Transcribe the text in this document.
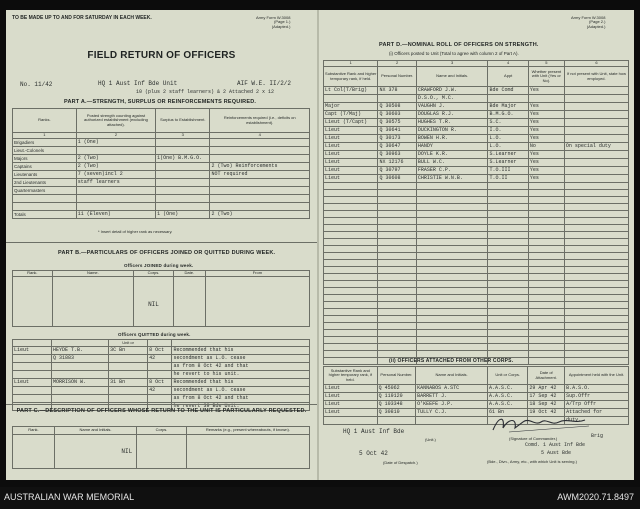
TO BE MADE UP TO AND FOR SATURDAY IN EACH WEEK.	Army Form W.3008
(Page 1.)
(Adapted.)
FIELD RETURN OF OFFICERS
No. 11/42	HQ 1 Aust Inf Bde Unit	AIF W.E. II/2/2
10 (plus 2 staff learners) & 2 Attached 2 x 12
PART A.—STRENGTH, SURPLUS OR REINFORCEMENTS REQUIRED.
Ranks.	Posted strength counting against authorized establishment (excluding attached).	Surplus to Establishment.	Reinforcements required (i.e., deficits on establishment).
1	2	3	4
Brigadiers	1 (One)		
Lieut.-Colonels			
Majors	2 (Two)	1(One) B.M.G.O.	
Captains	2 (Two)		2 (Two) Reinforcements
Lieutenants	7 (seven)incl 2		NOT required
2nd Lieutenants	staff learners		
Quartermasters			

Totals	11 (Eleven)	1 (One)	2 (Two)
* Insert detail of higher rank as necessary.
PART B.—PARTICULARS OF OFFICERS JOINED OR QUITTED DURING WEEK.
Officers JOINED during week.
Rank.	Name.	Corps.	Date.	From
		NIL		
Officers QUITTED during week.
		Unit or		
Lieut	HEYDE T.B.	3C Bn	8 Oct	Recommended that his
	Q 31883		42	secondment as L.O. cease
				as from 8 Oct 42 and that
				he revert to his unit.
Lieut	MORRISON W.	31 Bn	8 Oct	Recommended that his
			42	secondment as L.O. cease
				as from 8 Oct 42 and that
				he revert 39 Bde Unit.
PART C.—DESCRIPTION OF OFFICERS WHOSE RETURN TO THE UNIT IS PARTICULARLY REQUESTED.
Rank.	Name and Initials.	Corps.	Remarks (e.g., present whereabouts, if known).
	NIL		
Army Form W.3008
(Page 2.)
(Adapted.)
PART D.—NOMINAL ROLL OF OFFICERS ON STRENGTH.
(i) Officers posted to Unit (Total to agree with column 2 of Part A).
1	2	3	4	5	6
Substantive Rank and higher temporary rank, if held.	Personal Number.	Name and Initials.	Appt	Whether present with Unit (Yes or No).	If not present with Unit, state how employed.
Lt Col(T/Brig)	NX 378	CRAWFORD J.W.	Bde Comd	Yes	
		D.S.O., M.C.			
Major	Q 30508	VAUGHN J.	Bde Major	Yes	
Capt (T/Maj)	Q 30603	DOUGLAS R.J.	B.M.G.O.	Yes	
Lieut (T/Capt)	Q 30575	HUGHES T.R.	S.C.	Yes	
Lieut	Q 30641	DUCKINGTON R.	I.O.	Yes	
Lieut	Q 30173	BOWEN H.R.	L.O.	Yes	
Lieut	Q 30647	HANDY	L.O.	No	On special duty
Lieut	Q 30963	DOYLE K.R.	S.Learner	Yes	
Lieut	NX 12176	BULL W.C.	S.Learner	Yes	
Lieut	Q 30797	FRASER C.P.	T.O.III	Yes	
Lieut	Q 30608	CHRISTIE W.N.B.	T.O.II	Yes	

(ii) OFFICERS ATTACHED FROM OTHER CORPS.
Substantive Rank and higher temporary rank, if held.	Personal Number.	Name and Initials.	Unit or Corps.	Date of Attachment.	Appointment held with the Unit.
Lieut	Q 45062	KANNABOS A.STC	A.A.S.C.	29 Apr 42	B.A.S.O.
Lieut	Q 119120	BARRETT J.	A.A.S.C.	17 Sep 42	Sup.Offr
Lieut	Q 103348	O'KEEFE J.P.	A.A.S.C.	18 Sep 42	A/Trp Offr
Lieut	Q 30810	TULLY C.J.	61 Bn	19 Oct 42	Attached for
					duty.
HQ 1 Aust Inf Bde
(Unit.)
5 Oct 42
(Date of Despatch.)
Brig
(Signature of Commander.)
Comd. 1 Aust Inf Bde
5 Aust Bde
(Bde., Divn., Army, etc., with which Unit is serving.)
AUSTRALIAN WAR MEMORIAL	AWM2020.71.8497
